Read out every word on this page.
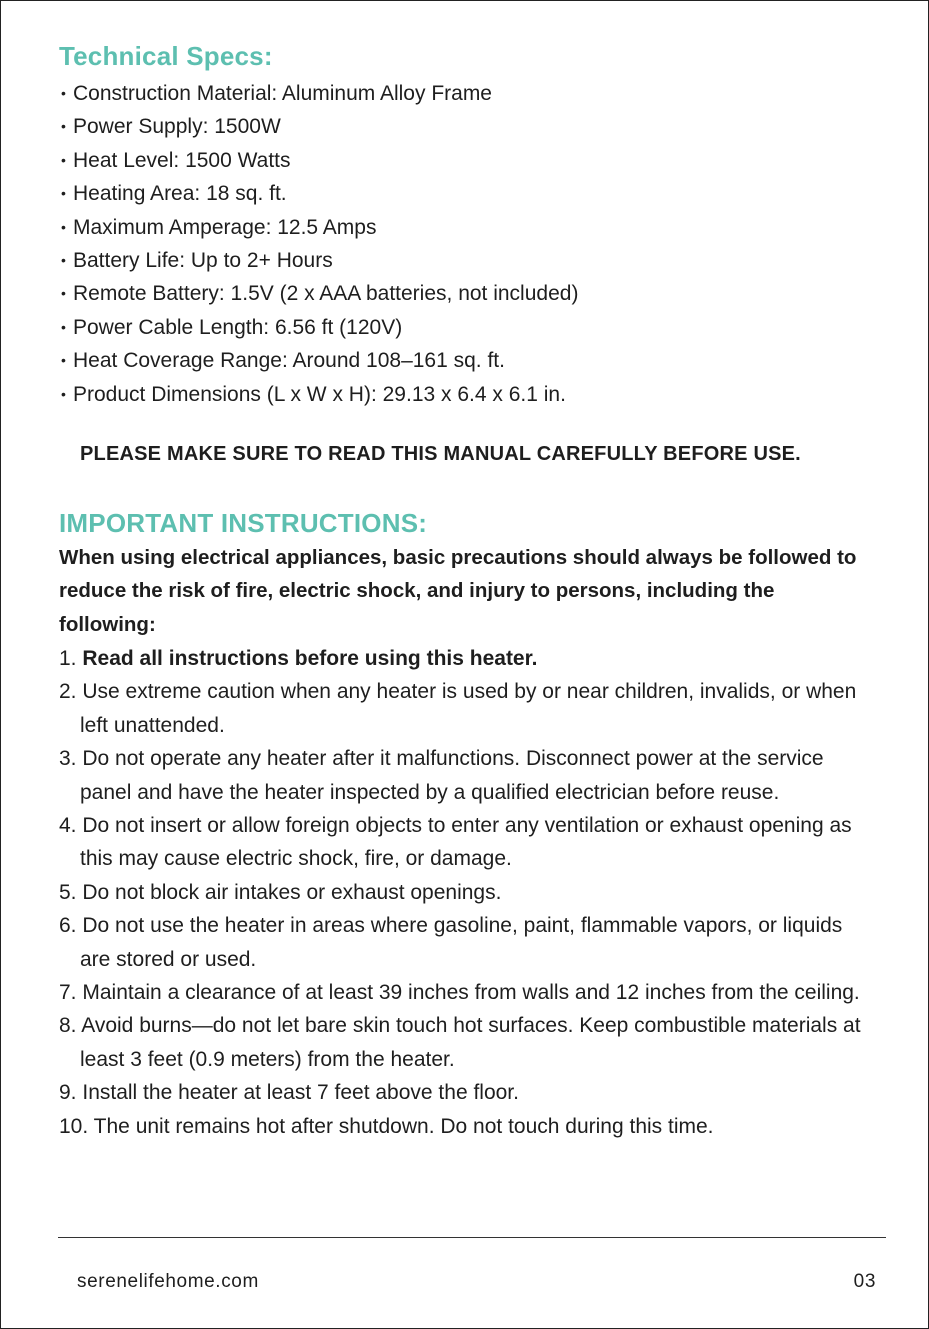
Technical Specs:
• Construction Material: Aluminum Alloy Frame
• Power Supply: 1500W
• Heat Level: 1500 Watts
• Heating Area: 18 sq. ft.
• Maximum Amperage: 12.5 Amps
• Battery Life: Up to 2+ Hours
• Remote Battery: 1.5V (2 x AAA batteries, not included)
• Power Cable Length: 6.56 ft (120V)
• Heat Coverage Range: Around 108–161 sq. ft.
• Product Dimensions (L x W x H): 29.13 x 6.4 x 6.1 in.

PLEASE MAKE SURE TO READ THIS MANUAL CAREFULLY BEFORE USE.

IMPORTANT INSTRUCTIONS:

When using electrical appliances, basic precautions should always be followed to reduce the risk of fire, electric shock, and injury to persons, including the following:

1. Read all instructions before using this heater.
2. Use extreme caution when any heater is used by or near children, invalids, or when left unattended.
3. Do not operate any heater after it malfunctions. Disconnect power at the service panel and have the heater inspected by a qualified electrician before reuse.
4. Do not insert or allow foreign objects to enter any ventilation or exhaust opening as this may cause electric shock, fire, or damage.
5. Do not block air intakes or exhaust openings.
6. Do not use the heater in areas where gasoline, paint, flammable vapors, or liquids are stored or used.
7. Maintain a clearance of at least 39 inches from walls and 12 inches from the ceiling.
8. Avoid burns—do not let bare skin touch hot surfaces. Keep combustible materials at least 3 feet (0.9 meters) from the heater.
9. Install the heater at least 7 feet above the floor.
10. The unit remains hot after shutdown. Do not touch during this time.
serenelifehome.com	03
